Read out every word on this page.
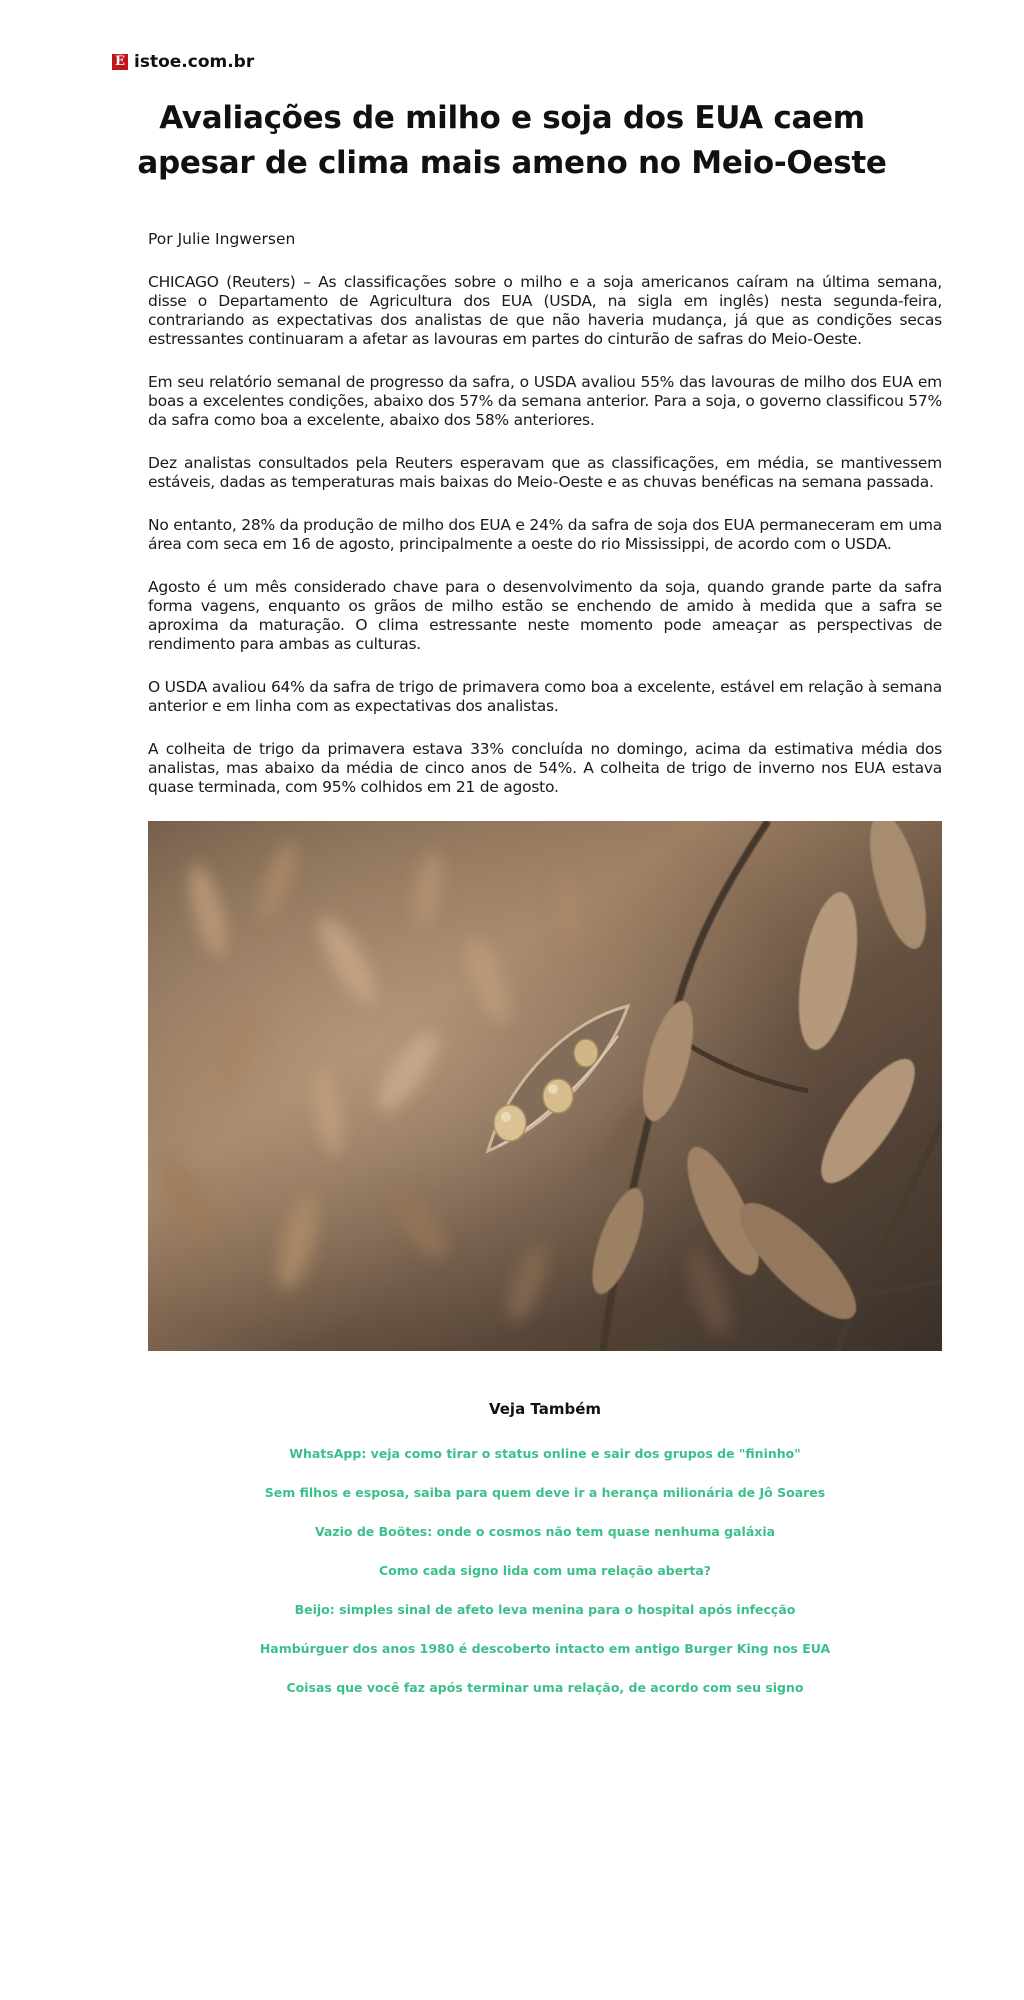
Ė istoe.com.br
Avaliações de milho e soja dos EUA caem apesar de clima mais ameno no Meio-Oeste

Por Julie Ingwersen

CHICAGO (Reuters) – As classificações sobre o milho e a soja americanos caíram na última semana, disse o Departamento de Agricultura dos EUA (USDA, na sigla em inglês) nesta segunda-feira, contrariando as expectativas dos analistas de que não haveria mudança, já que as condições secas estressantes continuaram a afetar as lavouras em partes do cinturão de safras do Meio-Oeste.

Em seu relatório semanal de progresso da safra, o USDA avaliou 55% das lavouras de milho dos EUA em boas a excelentes condições, abaixo dos 57% da semana anterior. Para a soja, o governo classificou 57% da safra como boa a excelente, abaixo dos 58% anteriores.

Dez analistas consultados pela Reuters esperavam que as classificações, em média, se mantivessem estáveis, dadas as temperaturas mais baixas do Meio-Oeste e as chuvas benéficas na semana passada.

No entanto, 28% da produção de milho dos EUA e 24% da safra de soja dos EUA permaneceram em uma área com seca em 16 de agosto, principalmente a oeste do rio Mississippi, de acordo com o USDA.

Agosto é um mês considerado chave para o desenvolvimento da soja, quando grande parte da safra forma vagens, enquanto os grãos de milho estão se enchendo de amido à medida que a safra se aproxima da maturação. O clima estressante neste momento pode ameaçar as perspectivas de rendimento para ambas as culturas.

O USDA avaliou 64% da safra de trigo de primavera como boa a excelente, estável em relação à semana anterior e em linha com as expectativas dos analistas.

A colheita de trigo da primavera estava 33% concluída no domingo, acima da estimativa média dos analistas, mas abaixo da média de cinco anos de 54%. A colheita de trigo de inverno nos EUA estava quase terminada, com 95% colhidos em 21 de agosto.

Veja Também

WhatsApp: veja como tirar o status online e sair dos grupos de "fininho"
Sem filhos e esposa, saiba para quem deve ir a herança milionária de Jô Soares
Vazio de Boötes: onde o cosmos não tem quase nenhuma galáxia
Como cada signo lida com uma relação aberta?
Beijo: simples sinal de afeto leva menina para o hospital após infecção
Hambúrguer dos anos 1980 é descoberto intacto em antigo Burger King nos EUA
Coisas que você faz após terminar uma relação, de acordo com seu signo
